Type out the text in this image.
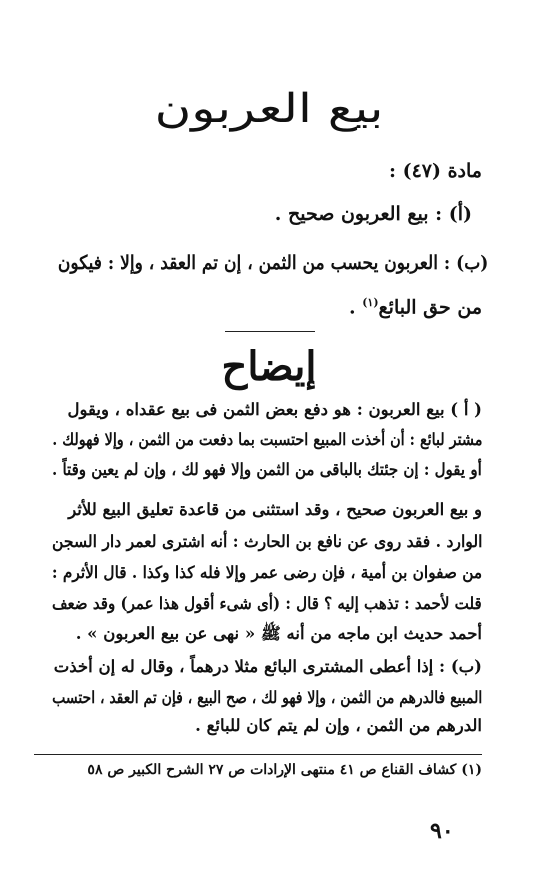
بيع العربون
مادة (٤٧) :
(أ) : بيع العربون صحيح .
(ب) : العربون يحسب من الثمن ، إن تم العقد ، وإلا : فيكون
من حق البائع$^{(١)}$ .
إيضاح
( أ ) بيع العربون : هو دفع بعض الثمن فى بيع عقداه ، ويقول
مشتر لبائع : أن أخذت المبيع احتسبت بما دفعت من الثمن ، وإلا فهولك .
أو يقول : إن جئتك بالباقى من الثمن وإلا فهو لك ، وإن لم يعين وقتاً .
و بيع العربون صحيح ، وقد استثنى من قاعدة تعليق البيع للأثر
الوارد . فقد روى عن نافع بن الحارث : أنه اشترى لعمر دار السجن
من صفوان بن أمية ، فإن رضى عمر وإلا فله كذا وكذا . قال الأثرم :
قلت لأحمد : تذهب إليه ؟ قال : (أى شىء أقول هذا عمر) وقد ضعف
أحمد حديث ابن ماجه من أنه ﷺ « نهى عن بيع العربون » .
(ب) : إذا أعطى المشترى البائع مثلا درهماً ، وقال له إن أخذت
المبيع فالدرهم من الثمن ، وإلا فهو لك ، صح البيع ، فإن تم العقد ، احتسب
الدرهم من الثمن ، وإن لم يتم كان للبائع .
(١) كشاف القناع ص ٤١ منتهى الإرادات ص ٢٧ الشرح الكبير ص ٥٨
٩٠
